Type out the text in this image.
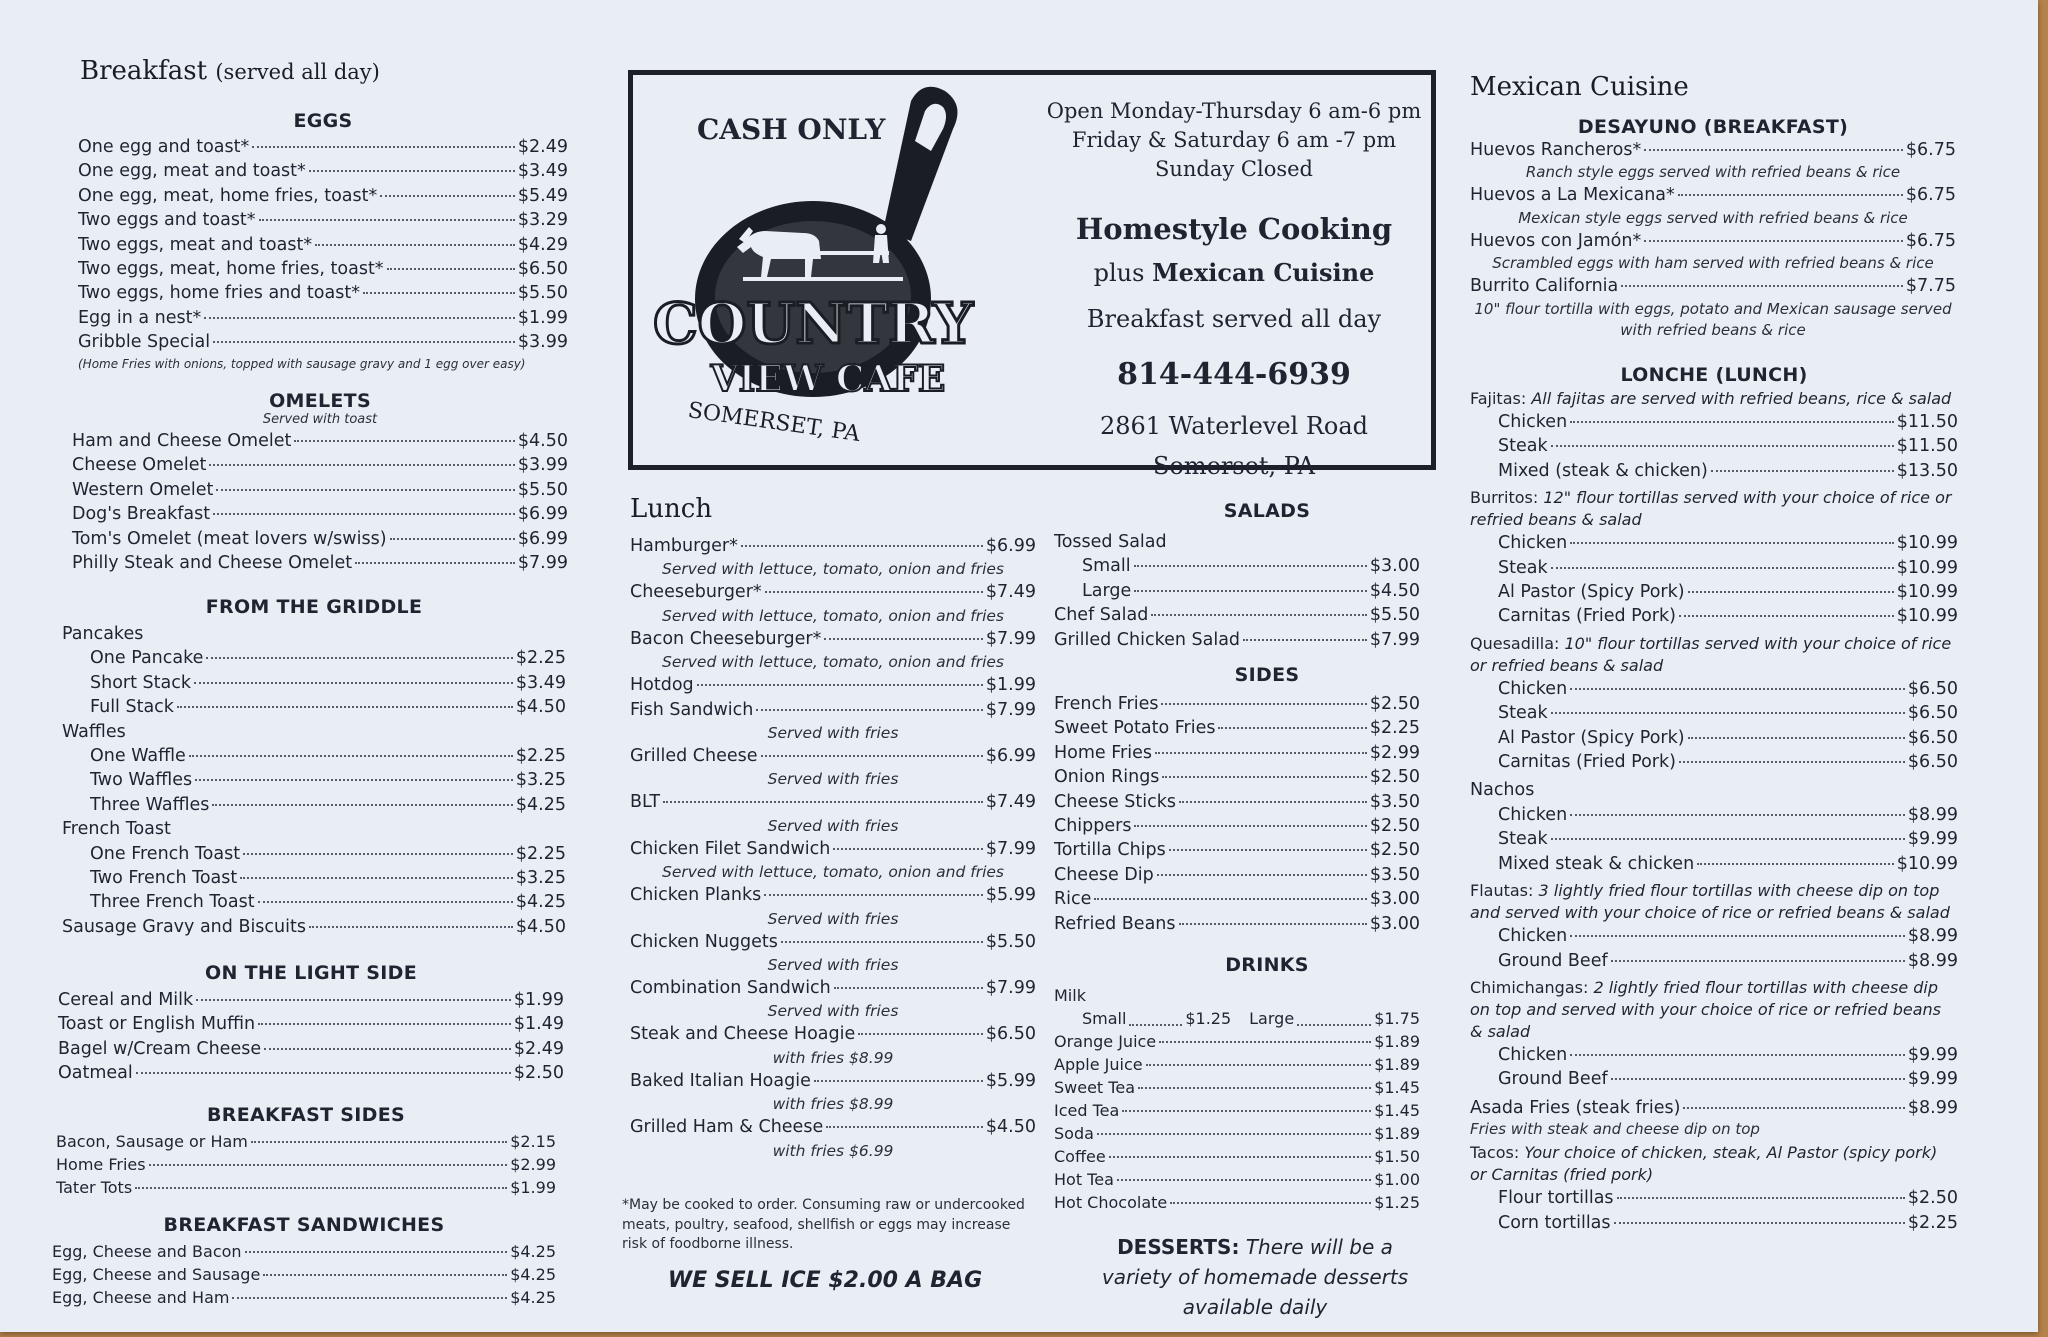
Breakfast (served all day)
EGGS
One egg and toast*	$2.49
One egg, meat and toast*	$3.49
One egg, meat, home fries, toast*	$5.49
Two eggs and toast*	$3.29
Two eggs, meat and toast*	$4.29
Two eggs, meat, home fries, toast*	$6.50
Two eggs, home fries and toast*	$5.50
Egg in a nest*	$1.99
Gribble Special	$3.99
(Home Fries with onions, topped with sausage gravy and 1 egg over easy)
OMELETS
Served with toast
Ham and Cheese Omelet	$4.50
Cheese Omelet	$3.99
Western Omelet	$5.50
Dog's Breakfast	$6.99
Tom's Omelet (meat lovers w/swiss)	$6.99
Philly Steak and Cheese Omelet	$7.99
FROM THE GRIDDLE
Pancakes
One Pancake	$2.25
Short Stack	$3.49
Full Stack	$4.50
Waffles
One Waffle	$2.25
Two Waffles	$3.25
Three Waffles	$4.25
French Toast
One French Toast	$2.25
Two French Toast	$3.25
Three French Toast	$4.25
Sausage Gravy and Biscuits	$4.50
ON THE LIGHT SIDE
Cereal and Milk	$1.99
Toast or English Muffin	$1.49
Bagel w/Cream Cheese	$2.49
Oatmeal	$2.50
BREAKFAST SIDES
Bacon, Sausage or Ham	$2.15
Home Fries	$2.99
Tater Tots	$1.99
BREAKFAST SANDWICHES
Egg, Cheese and Bacon	$4.25
Egg, Cheese and Sausage	$4.25
Egg, Cheese and Ham	$4.25
CASH ONLY
COUNTRY
VIEW CAFE
SOMERSET, PA
Open Monday-Thursday 6 am-6 pm
Friday & Saturday 6 am -7 pm
Sunday Closed
Homestyle Cooking
plus Mexican Cuisine
Breakfast served all day
814-444-6939
2861 Waterlevel Road
Somerset, PA
Lunch
Hamburger*	$6.99
Served with lettuce, tomato, onion and fries
Cheeseburger*	$7.49
Served with lettuce, tomato, onion and fries
Bacon Cheeseburger*	$7.99
Served with lettuce, tomato, onion and fries
Hotdog	$1.99
Fish Sandwich	$7.99
Served with fries
Grilled Cheese	$6.99
Served with fries
BLT	$7.49
Served with fries
Chicken Filet Sandwich	$7.99
Served with lettuce, tomato, onion and fries
Chicken Planks	$5.99
Served with fries
Chicken Nuggets	$5.50
Served with fries
Combination Sandwich	$7.99
Served with fries
Steak and Cheese Hoagie	$6.50
with fries $8.99
Baked Italian Hoagie	$5.99
with fries $8.99
Grilled Ham & Cheese	$4.50
with fries $6.99
*May be cooked to order. Consuming raw or undercooked meats, poultry, seafood, shellfish or eggs may increase risk of foodborne illness.
WE SELL ICE $2.00 A BAG
SALADS
Tossed Salad
Small	$3.00
Large	$4.50
Chef Salad	$5.50
Grilled Chicken Salad	$7.99
SIDES
French Fries	$2.50
Sweet Potato Fries	$2.25
Home Fries	$2.99
Onion Rings	$2.50
Cheese Sticks	$3.50
Chippers	$2.50
Tortilla Chips	$2.50
Cheese Dip	$3.50
Rice	$3.00
Refried Beans	$3.00
DRINKS
Milk
Small	$1.25 Large	$1.75
Orange Juice	$1.89
Apple Juice	$1.89
Sweet Tea	$1.45
Iced Tea	$1.45
Soda	$1.89
Coffee	$1.50
Hot Tea	$1.00
Hot Chocolate	$1.25
DESSERTS: There will be a variety of homemade desserts available daily
Mexican Cuisine
DESAYUNO (BREAKFAST)
Huevos Rancheros*	$6.75
Ranch style eggs served with refried beans & rice
Huevos a La Mexicana*	$6.75
Mexican style eggs served with refried beans & rice
Huevos con Jamón*	$6.75
Scrambled eggs with ham served with refried beans & rice
Burrito California	$7.75
10" flour tortilla with eggs, potato and Mexican sausage served with refried beans & rice
LONCHE (LUNCH)
Fajitas: All fajitas are served with refried beans, rice & salad
Chicken	$11.50
Steak	$11.50
Mixed (steak & chicken)	$13.50
Burritos: 12" flour tortillas served with your choice of rice or refried beans & salad
Chicken	$10.99
Steak	$10.99
Al Pastor (Spicy Pork)	$10.99
Carnitas (Fried Pork)	$10.99
Quesadilla: 10" flour tortillas served with your choice of rice or refried beans & salad
Chicken	$6.50
Steak	$6.50
Al Pastor (Spicy Pork)	$6.50
Carnitas (Fried Pork)	$6.50
Nachos
Chicken	$8.99
Steak	$9.99
Mixed steak & chicken	$10.99
Flautas: 3 lightly fried flour tortillas with cheese dip on top and served with your choice of rice or refried beans & salad
Chicken	$8.99
Ground Beef	$8.99
Chimichangas: 2 lightly fried flour tortillas with cheese dip on top and served with your choice of rice or refried beans & salad
Chicken	$9.99
Ground Beef	$9.99
Asada Fries (steak fries)	$8.99
Fries with steak and cheese dip on top
Tacos: Your choice of chicken, steak, Al Pastor (spicy pork) or Carnitas (fried pork)
Flour tortillas	$2.50
Corn tortillas	$2.25
